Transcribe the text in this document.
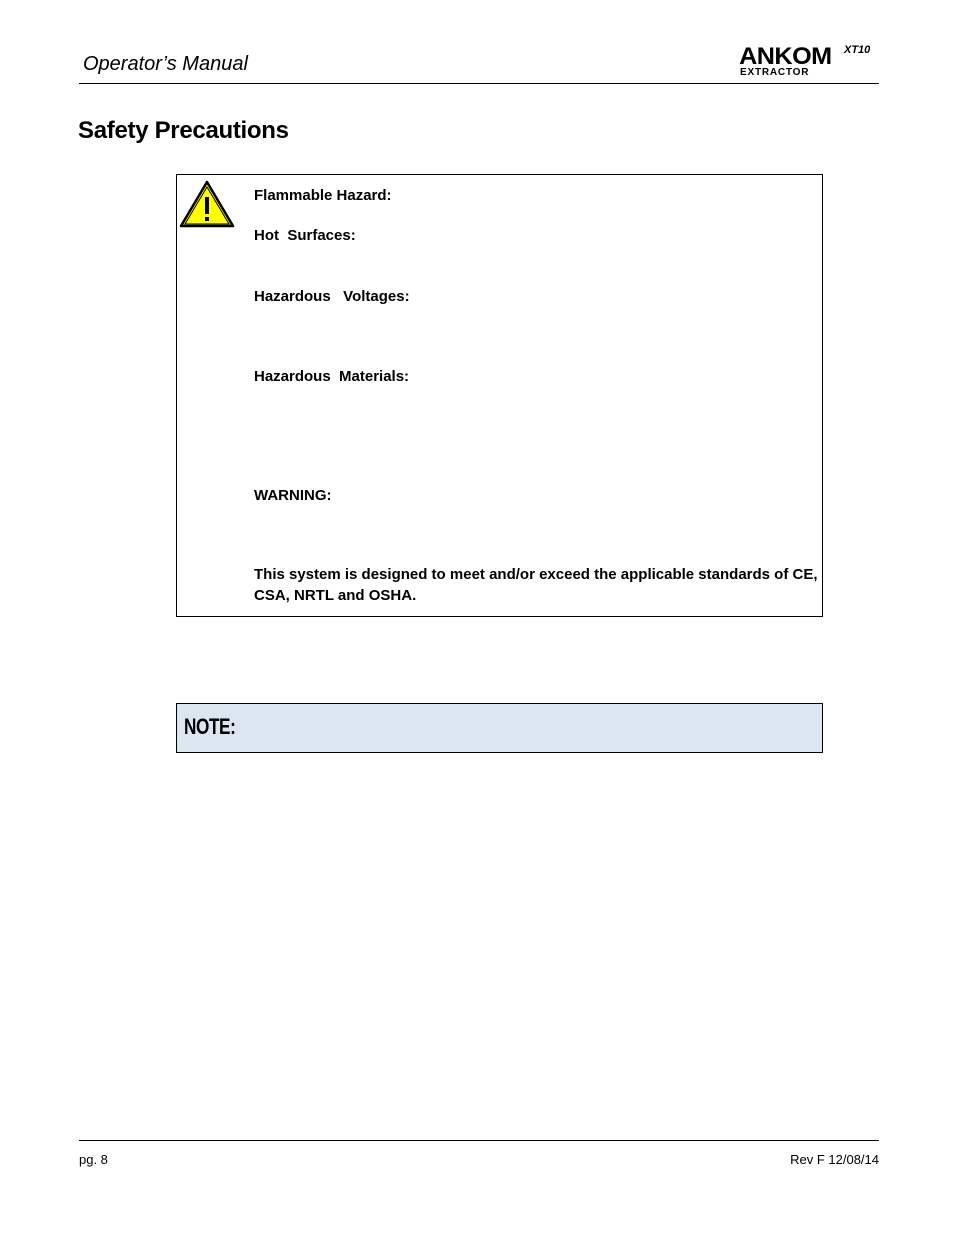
Operator’s Manual	ANKOM XT10
EXTRACTOR
Safety Precautions
Flammable Hazard:
Hot  Surfaces:
Hazardous   Voltages:
Hazardous  Materials:
WARNING:
This system is designed to meet and/or exceed the applicable standards of CE, CSA, NRTL and OSHA.
NOTE:
pg. 8	Rev F 12/08/14
